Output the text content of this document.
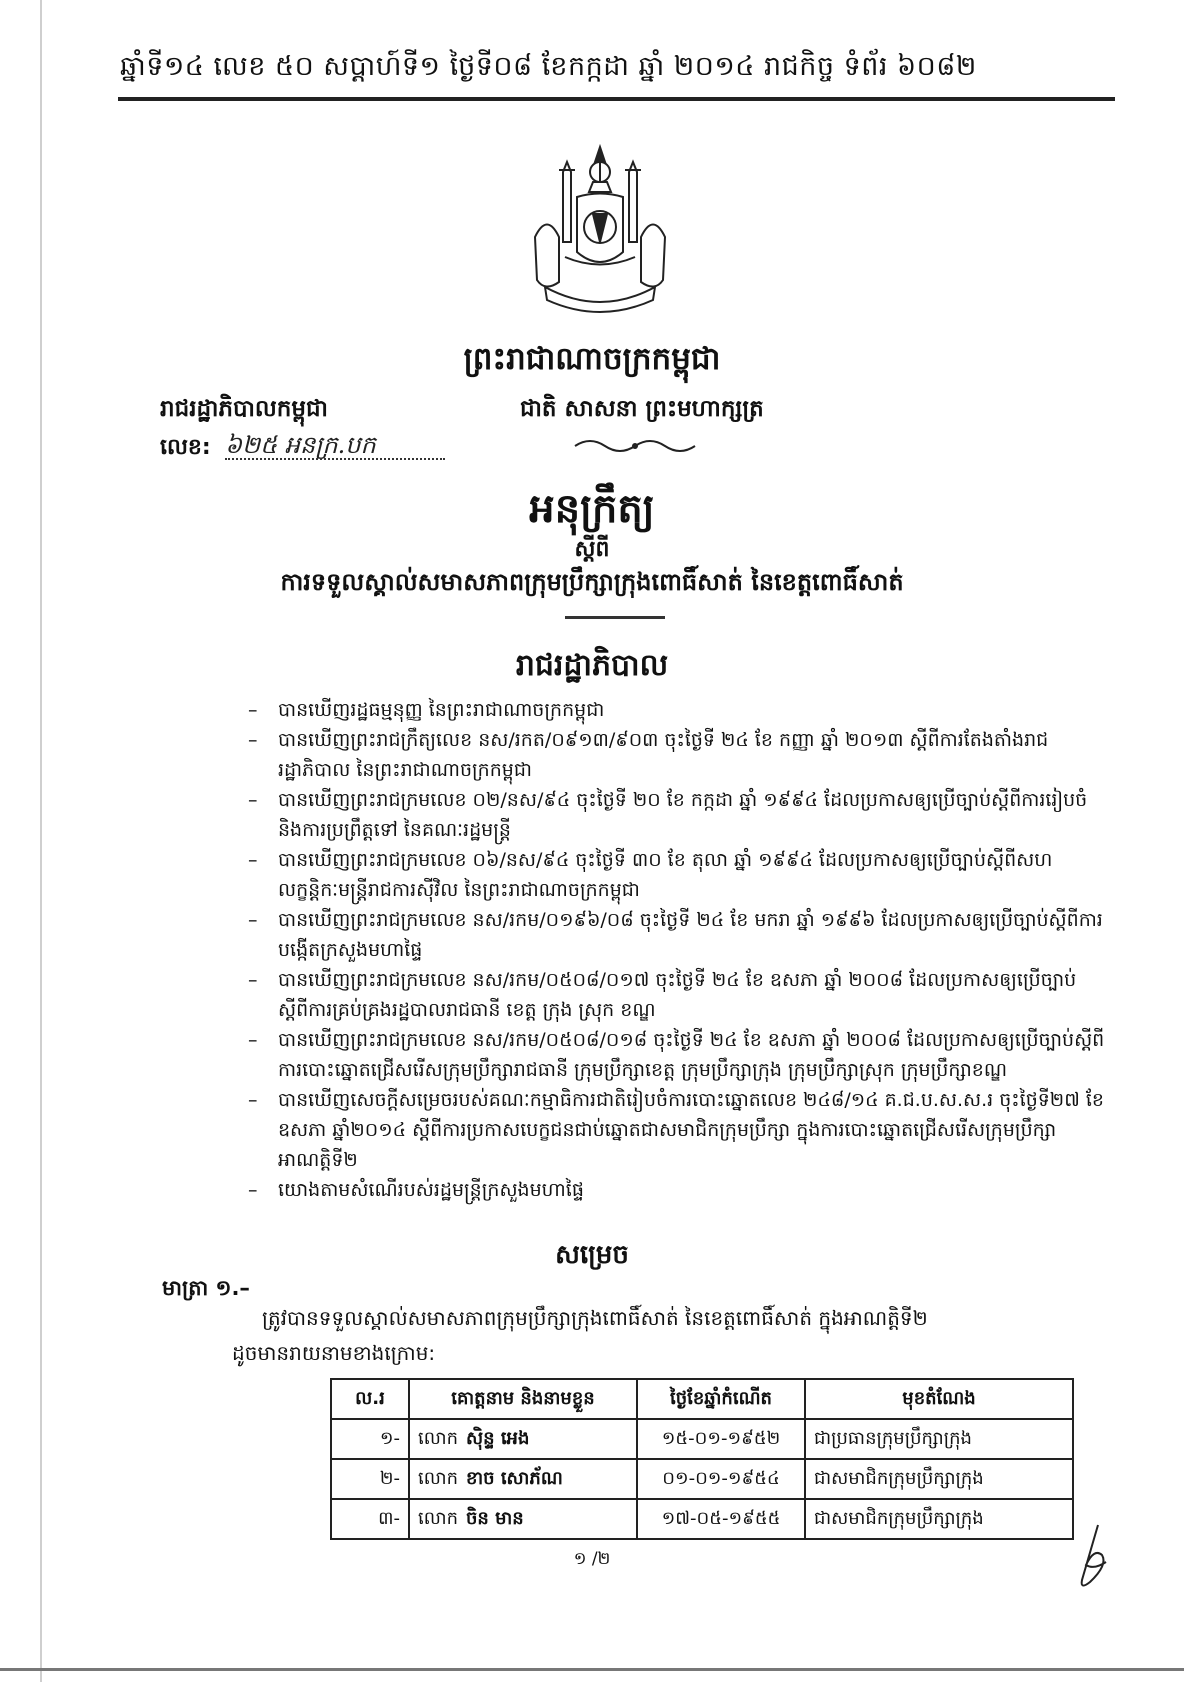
ឆ្នាំទី១៤ លេខ ៥០ សប្ដាហ៍ទី១ ថ្ងៃទី០៨ ខែកក្កដា ឆ្នាំ ២០១៤ រាជកិច្ច ទំព័រ ៦០៨២
ព្រះរាជាណាចក្រកម្ពុជា
រាជរដ្ឋាភិបាលកម្ពុជា	ជាតិ សាសនា ព្រះមហាក្សត្រ
លេខ: ៦២៥ អនក្រ.បក
អនុក្រឹត្យ
ស្ដីពី
ការទទួលស្គាល់សមាសភាពក្រុមប្រឹក្សាក្រុងពោធិ៍សាត់ នៃខេត្តពោធិ៍សាត់
រាជរដ្ឋាភិបាល
– បានឃើញរដ្ឋធម្មនុញ្ញ នៃព្រះរាជាណាចក្រកម្ពុជា
– បានឃើញព្រះរាជក្រឹត្យលេខ នស/រកត/០៩១៣/៩០៣ ចុះថ្ងៃទី ២៤ ខែ កញ្ញា ឆ្នាំ ២០១៣ ស្ដីពីការតែងតាំងរាជរដ្ឋាភិបាល នៃព្រះរាជាណាចក្រកម្ពុជា
– បានឃើញព្រះរាជក្រមលេខ ០២/នស/៩៤ ចុះថ្ងៃទី ២០ ខែ កក្កដា ឆ្នាំ ១៩៩៤ ដែលប្រកាសឲ្យប្រើច្បាប់ស្ដីពីការរៀបចំ និងការប្រព្រឹត្តទៅ នៃគណៈរដ្ឋមន្ត្រី
– បានឃើញព្រះរាជក្រមលេខ ០៦/នស/៩៤ ចុះថ្ងៃទី ៣០ ខែ តុលា ឆ្នាំ ១៩៩៤ ដែលប្រកាសឲ្យប្រើច្បាប់ស្ដីពីសហលក្ខន្តិកៈមន្ត្រីរាជការស៊ីវិល នៃព្រះរាជាណាចក្រកម្ពុជា
– បានឃើញព្រះរាជក្រមលេខ នស/រកម/០១៩៦/០៨ ចុះថ្ងៃទី ២៤ ខែ មករា ឆ្នាំ ១៩៩៦ ដែលប្រកាសឲ្យប្រើច្បាប់ស្ដីពីការបង្កើតក្រសួងមហាផ្ទៃ
– បានឃើញព្រះរាជក្រមលេខ នស/រកម/០៥០៨/០១៧ ចុះថ្ងៃទី ២៤ ខែ ឧសភា ឆ្នាំ ២០០៨ ដែលប្រកាសឲ្យប្រើច្បាប់ស្ដីពីការគ្រប់គ្រងរដ្ឋបាលរាជធានី ខេត្ត ក្រុង ស្រុក ខណ្ឌ
– បានឃើញព្រះរាជក្រមលេខ នស/រកម/០៥០៨/០១៨ ចុះថ្ងៃទី ២៤ ខែ ឧសភា ឆ្នាំ ២០០៨ ដែលប្រកាសឲ្យប្រើច្បាប់ស្ដីពីការបោះឆ្នោតជ្រើសរើសក្រុមប្រឹក្សារាជធានី ក្រុមប្រឹក្សាខេត្ត ក្រុមប្រឹក្សាក្រុង ក្រុមប្រឹក្សាស្រុក ក្រុមប្រឹក្សាខណ្ឌ
– បានឃើញសេចក្ដីសម្រេចរបស់គណៈកម្មាធិការជាតិរៀបចំការបោះឆ្នោតលេខ ២៤៨/១៤ គ.ជ.ប.ស.ស.រ ចុះថ្ងៃទី២៧ ខែឧសភា ឆ្នាំ២០១៤ ស្ដីពីការប្រកាសបេក្ខជនជាប់ឆ្នោតជាសមាជិកក្រុមប្រឹក្សា ក្នុងការបោះឆ្នោតជ្រើសរើសក្រុមប្រឹក្សា អាណត្តិទី២
– យោងតាមសំណើរបស់រដ្ឋមន្ត្រីក្រសួងមហាផ្ទៃ
សម្រេច
មាត្រា ១.–
ត្រូវបានទទួលស្គាល់សមាសភាពក្រុមប្រឹក្សាក្រុងពោធិ៍សាត់ នៃខេត្តពោធិ៍សាត់ ក្នុងអាណត្តិទី២
ដូចមានរាយនាមខាងក្រោម:
ល.រ	គោត្តនាម និងនាមខ្លួន	ថ្ងៃខែឆ្នាំកំណើត	មុខតំណែង
១-	លោក ស៊ិន្ទ អេង	១៥-០១-១៩៥២	ជាប្រធានក្រុមប្រឹក្សាក្រុង
២-	លោក ខាច សោភ័ណ	០១-០១-១៩៥៤	ជាសមាជិកក្រុមប្រឹក្សាក្រុង
៣-	លោក ចិន មាន	១៧-០៥-១៩៥៥	ជាសមាជិកក្រុមប្រឹក្សាក្រុង
១ /២
